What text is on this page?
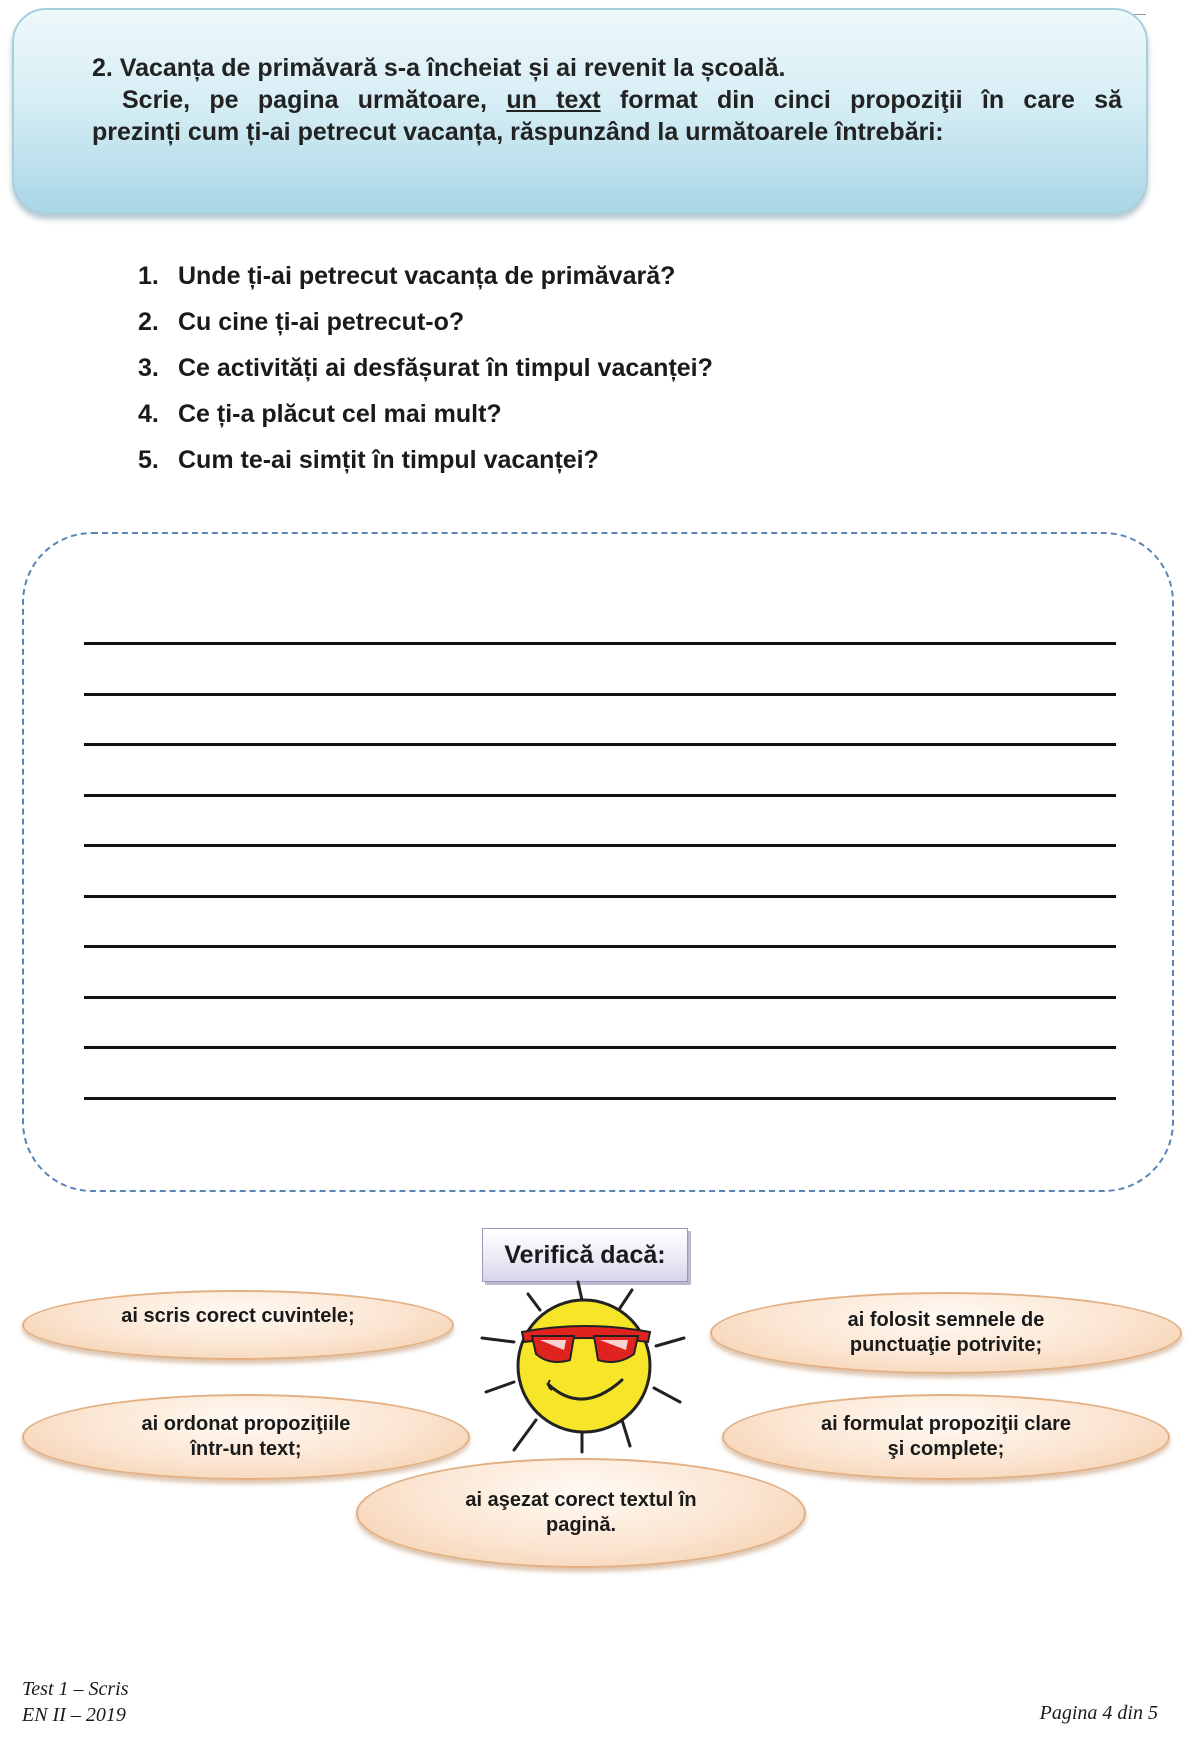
2. Vacanța de primăvară s-a încheiat și ai revenit la școală.
Scrie, pe pagina următoare, un text format din cinci propoziţii în care să
prezinți cum ți-ai petrecut vacanța, răspunzând la următoarele întrebări:
1. Unde ți-ai petrecut vacanța de primăvară?
2. Cu cine ți-ai petrecut-o?
3. Ce activități ai desfășurat în timpul vacanței?
4. Ce ți-a plăcut cel mai mult?
5. Cum te-ai simțit în timpul vacanței?
Verifică dacă:
ai scris corect cuvintele;	ai folosit semnele de
punctuaţie potrivite;
ai ordonat propoziţiile
într-un text;
ai formulat propoziţii clare
şi complete;
ai aşezat corect textul în
pagină.
Test 1 – Scris
EN II – 2019	Pagina 4 din 5
